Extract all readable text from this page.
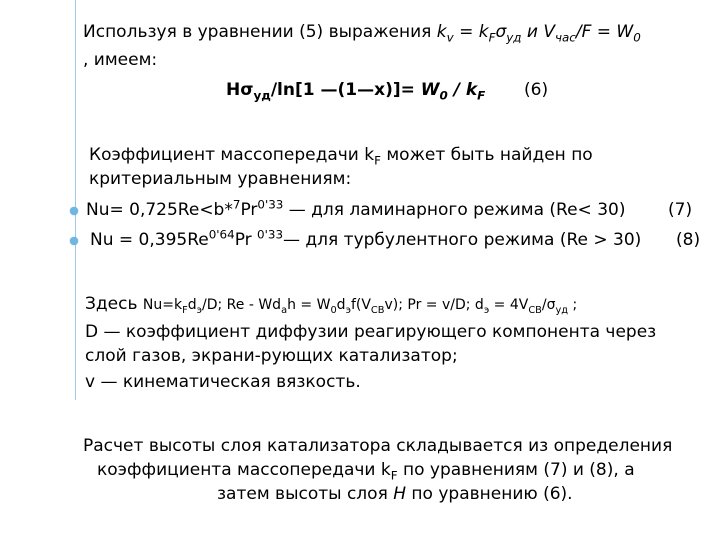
Используя в уравнении (5) выражения $k_v = k_F\sigma_{уд}$ и $V_{час}/F = W_0$
, имеем:
$H\sigma_{уд}/\ln[1$ —(1—x)]= $W_0 / k_F$ (6)
Коэффициент массопередачи $k_F$ может быть найден по
критериальным уравнениям:
$Nu= 0,725Re<b*^7Pr^{0'33}$ — для ламинарного режима (Re< 30)	(7)
$Nu = 0,395Re^{0'64}Pr$ $^{0'33}$— для турбулентного режима (Re > 30) (8)
Здесь $Nu=k_Fd_э/D$; $Re - Wd_ah = W_0d_эf(V_{CB}v)$; Pr = v/D; $d_э = 4V_{CB}/\sigma_{уд}$ ;
D — коэффициент диффузии реагирующего компонента через
слой газов, экрани-рующих катализатор;
v — кинематическая вязкость.
Расчет высоты слоя катализатора складывается из определения
коэффициента массопередачи $k_F$ по уравнениям (7) и (8), а
затем высоты слоя H по уравнению (6).
